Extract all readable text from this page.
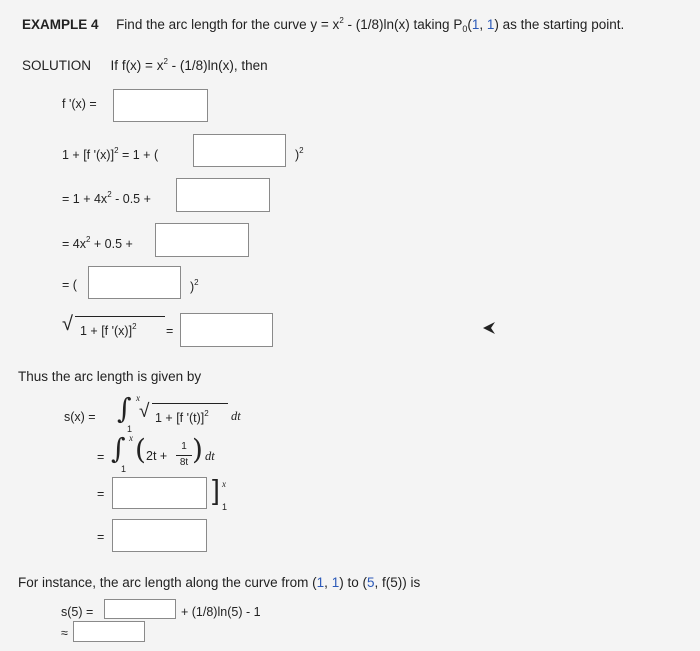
EXAMPLE 4 Find the arc length for the curve $y = x^2 - (1/8)\ln(x)$ taking $P_0(1$, 1) as the starting point.
SOLUTION If $f(x) = x^2 - (1/8)\ln(x)$, then
f '(x) =
1 + [f '(x)]$^2$ = 1 + (	)$^2$
= $1 + 4x^2 - 0.5$ +
= $4x^2 + 0.5$ +
= (	)$^2$
√ 1 + [f '(x)]$^2$ =
Thus the arc length is given by
s(x) = ∫ x
1
√ 1 + [f '(t)]$^2$ dt
= ∫ x
1
( 2t +
1
8t ) dt
=	] x
1
=
For instance, the arc length along the curve from (1, 1) to (5, f(5)) is
s(5) =	+ (1/8)ln(5) - 1
≈
